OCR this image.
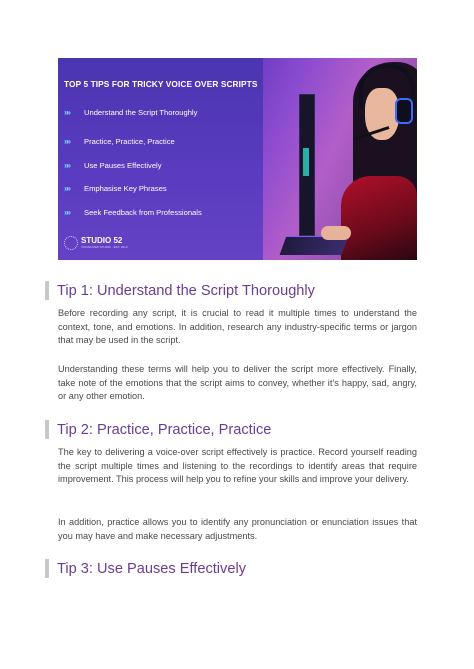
TOP 5 TIPS FOR TRICKY VOICE OVER SCRIPTS
»»	Understand the Script Thoroughly
»»	Practice, Practice, Practice
»»	Use Pauses Effectively
»»	Emphasise Key Phrases
»»	Seek Feedback from Professionals
STUDIO 52
VOICEOVER STUDIO · EST. 2010
Tip 1: Understand the Script Thoroughly

Before recording any script, it is crucial to read it multiple times to understand the context, tone, and emotions. In addition, research any industry-specific terms or jargon that may be used in the script.

Understanding these terms will help you to deliver the script more effectively. Finally, take note of the emotions that the script aims to convey, whether it’s happy, sad, angry, or any other emotion.

Tip 2: Practice, Practice, Practice

The key to delivering a voice-over script effectively is practice. Record yourself reading the script multiple times and listening to the recordings to identify areas that require improvement. This process will help you to refine your skills and improve your delivery.

In addition, practice allows you to identify any pronunciation or enunciation issues that you may have and make necessary adjustments.

Tip 3: Use Pauses Effectively
